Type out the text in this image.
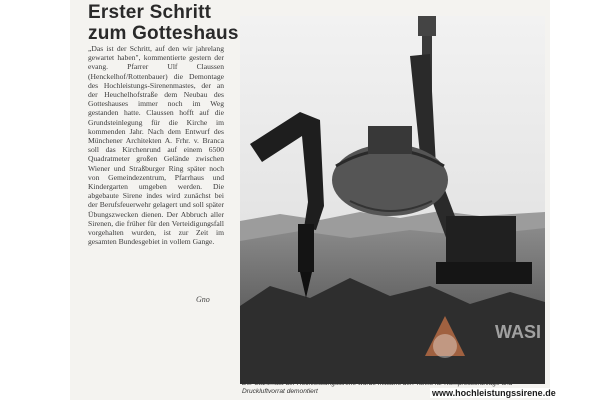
Erster Schritt
zum Gotteshaus
„Das ist der Schritt, auf den wir jahrelang gewartet haben", kommentierte gestern der evang. Pfarrer Ulf Claussen (Henckelhof/Rottenbauer) die Demontage des Hochleistungs-Sirenenmastes, der an der Heuchelhofstraße dem Neubau des Gotteshauses immer noch im Weg gestanden hatte. Claussen hofft auf die Grundsteinlegung für die Kirche im kommenden Jahr. Nach dem Entwurf des Münchener Architekten A. Frhr. v. Branca soll das Kirchenrund auf einem 6500 Quadratmeter großen Gelände zwischen Wiener und Straßburger Ring später noch von Gemeindezentrum, Pfarrhaus und Kindergarten umgeben werden. Die abgebaute Sirene indes wird zunächst bei der Berufsfeuerwehr gelagert und soll später Übungszwecken dienen. Der Abbruch aller Sirenen, die früher für den Verteidigungsfall vorgehalten wurden, ist zur Zeit im gesamten Bundesgebiet in vollem Gange.
Gno
WASI
Der Stahlmast der Hochleistungssirene wurde mitsamt den Tanks für Kompressoranlage und Druckluftvorrat demontiert	www.hochleistungssirene.de
